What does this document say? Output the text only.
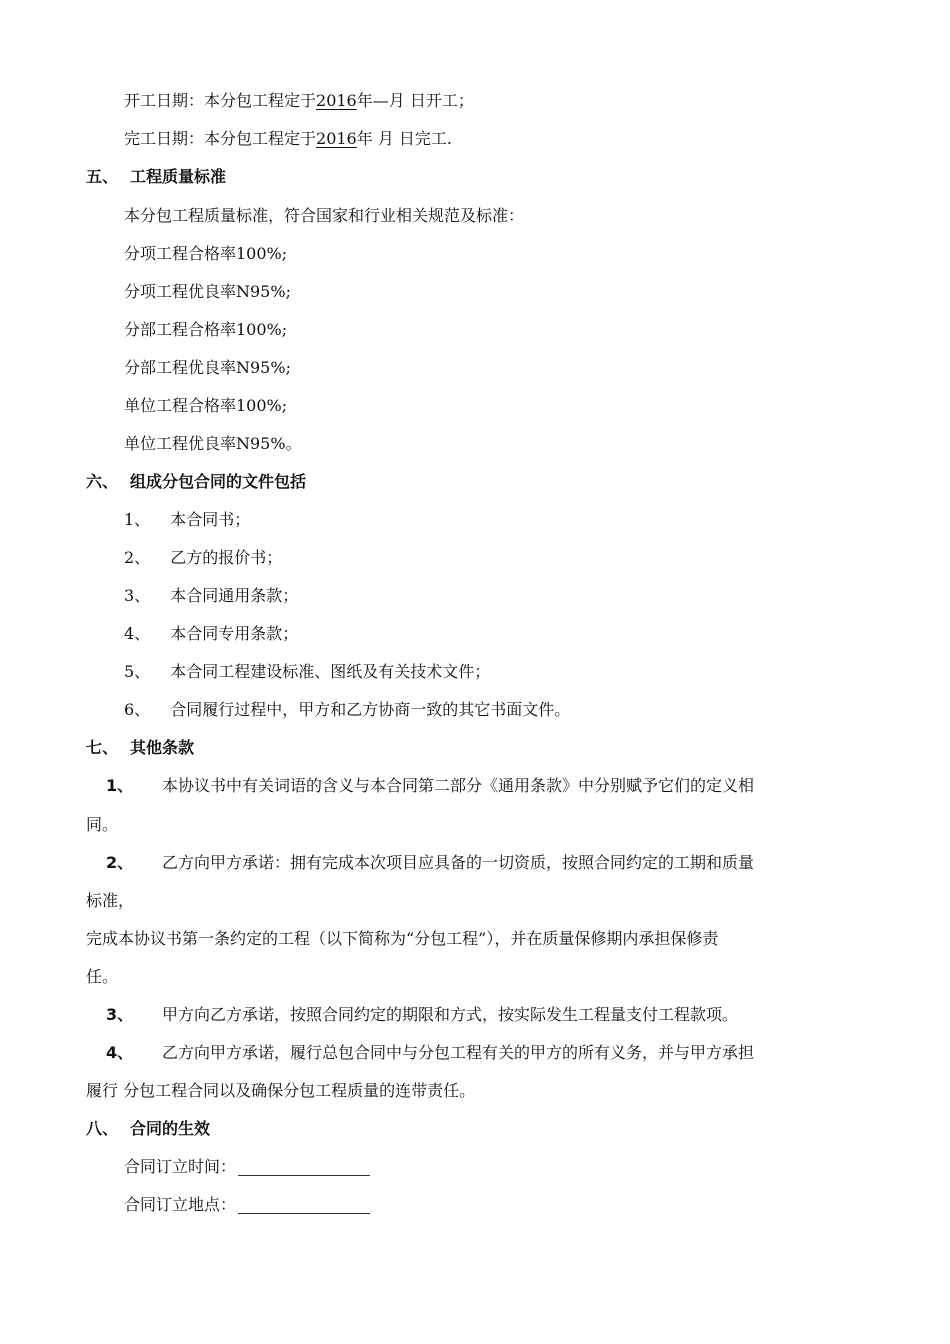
开工日期：本分包工程定于2016年—月 日开工；
完工日期：本分包工程定于2016年 月 日完工.
五、 工程质量标准
本分包工程质量标准，符合国家和行业相关规范及标准：
分项工程合格率100%;
分项工程优良率N95%;
分部工程合格率100%;
分部工程优良率N95%;
单位工程合格率100%;
单位工程优良率N95%。
六、 组成分包合同的文件包括
1、 本合同书；
2、 乙方的报价书；
3、 本合同通用条款；
4、 本合同专用条款；
5、 本合同工程建设标准、图纸及有关技术文件；
6、 合同履行过程中，甲方和乙方协商一致的其它书面文件。
七、 其他条款
1、 本协议书中有关词语的含义与本合同第二部分《通用条款》中分别赋予它们的定义相
同。
2、 乙方向甲方承诺：拥有完成本次项目应具备的一切资质，按照合同约定的工期和质量
标准，
完成本协议书第一条约定的工程（以下简称为“分包工程”），并在质量保修期内承担保修责
任。
3、 甲方向乙方承诺，按照合同约定的期限和方式，按实际发生工程量支付工程款项。
4、 乙方向甲方承诺，履行总包合同中与分包工程有关的甲方的所有义务，并与甲方承担
履行 分包工程合同以及确保分包工程质量的连带责任。
八、 合同的生效
合同订立时间：
合同订立地点：
